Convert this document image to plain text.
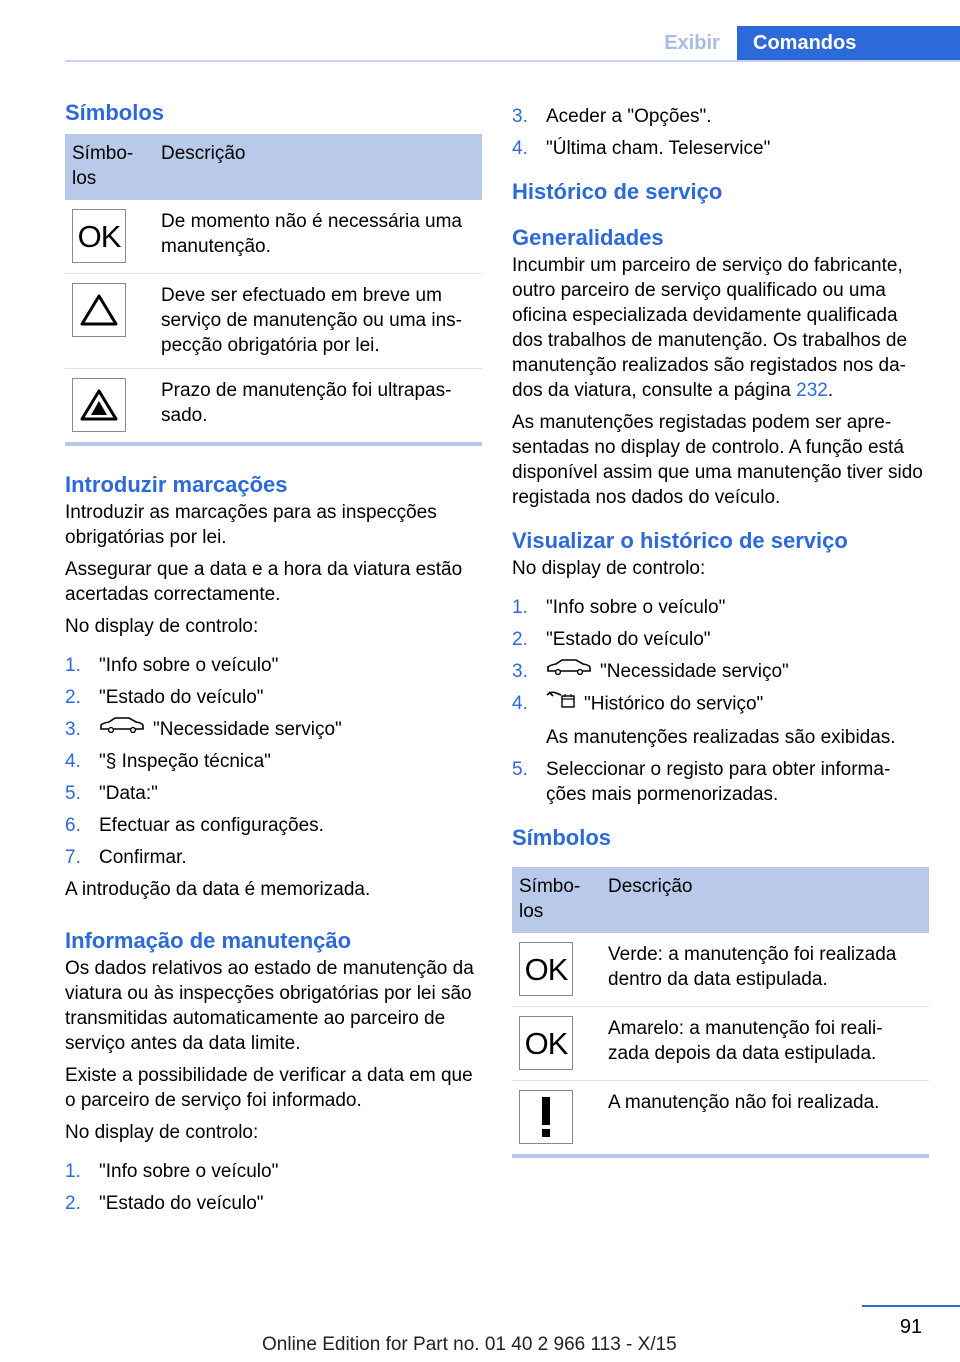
Exibir	Comandos
Símbolos
Símbo-
los	Descrição

OK	De momento não é necessária uma manutenção.

	Deve ser efectuado em breve um serviço de manutenção ou uma ins-pecção obrigatória por lei.

	Prazo de manutenção foi ultrapas-sado.
Introduzir marcações

Introduzir as marcações para as inspecções obrigatórias por lei.

Assegurar que a data e a hora da viatura estão acertadas correctamente.

No display de controlo:

1. "Info sobre o veículo"
2. "Estado do veículo"
3.	"Necessidade serviço"
4. "§ Inspeção técnica"
5. "Data:"
6. Efectuar as configurações.
7. Confirmar.

A introdução da data é memorizada.

Informação de manutenção

Os dados relativos ao estado de manutenção da viatura ou às inspecções obrigatórias por lei são transmitidas automaticamente ao parceiro de serviço antes da data limite.

Existe a possibilidade de verificar a data em que o parceiro de serviço foi informado.

No display de controlo:

1. "Info sobre o veículo"
2. "Estado do veículo"
3. Aceder a "Opções".
4. "Última cham. Teleservice"
Histórico de serviço
Generalidades

Incumbir um parceiro de serviço do fabricante, outro parceiro de serviço qualificado ou uma oficina especializada devidamente qualificada dos trabalhos de manutenção. Os trabalhos de manutenção realizados são registados nos da-dos da viatura, consulte a página 232.

As manutenções registadas podem ser apre-sentadas no display de controlo. A função está disponível assim que uma manutenção tiver sido registada nos dados do veículo.

Visualizar o histórico de serviço

No display de controlo:

1. "Info sobre o veículo"
2. "Estado do veículo"
3.	"Necessidade serviço"
4.	"Histórico do serviço"
As manutenções realizadas são exibidas.
5. Seleccionar o registo para obter informa-ções mais pormenorizadas.
Símbolos
Símbo-
los	Descrição

OK	Verde: a manutenção foi realizada dentro da data estipulada.

OK	Amarelo: a manutenção foi reali-zada depois da data estipulada.

	A manutenção não foi realizada.
91
Online Edition for Part no. 01 40 2 966 113 - X/15
